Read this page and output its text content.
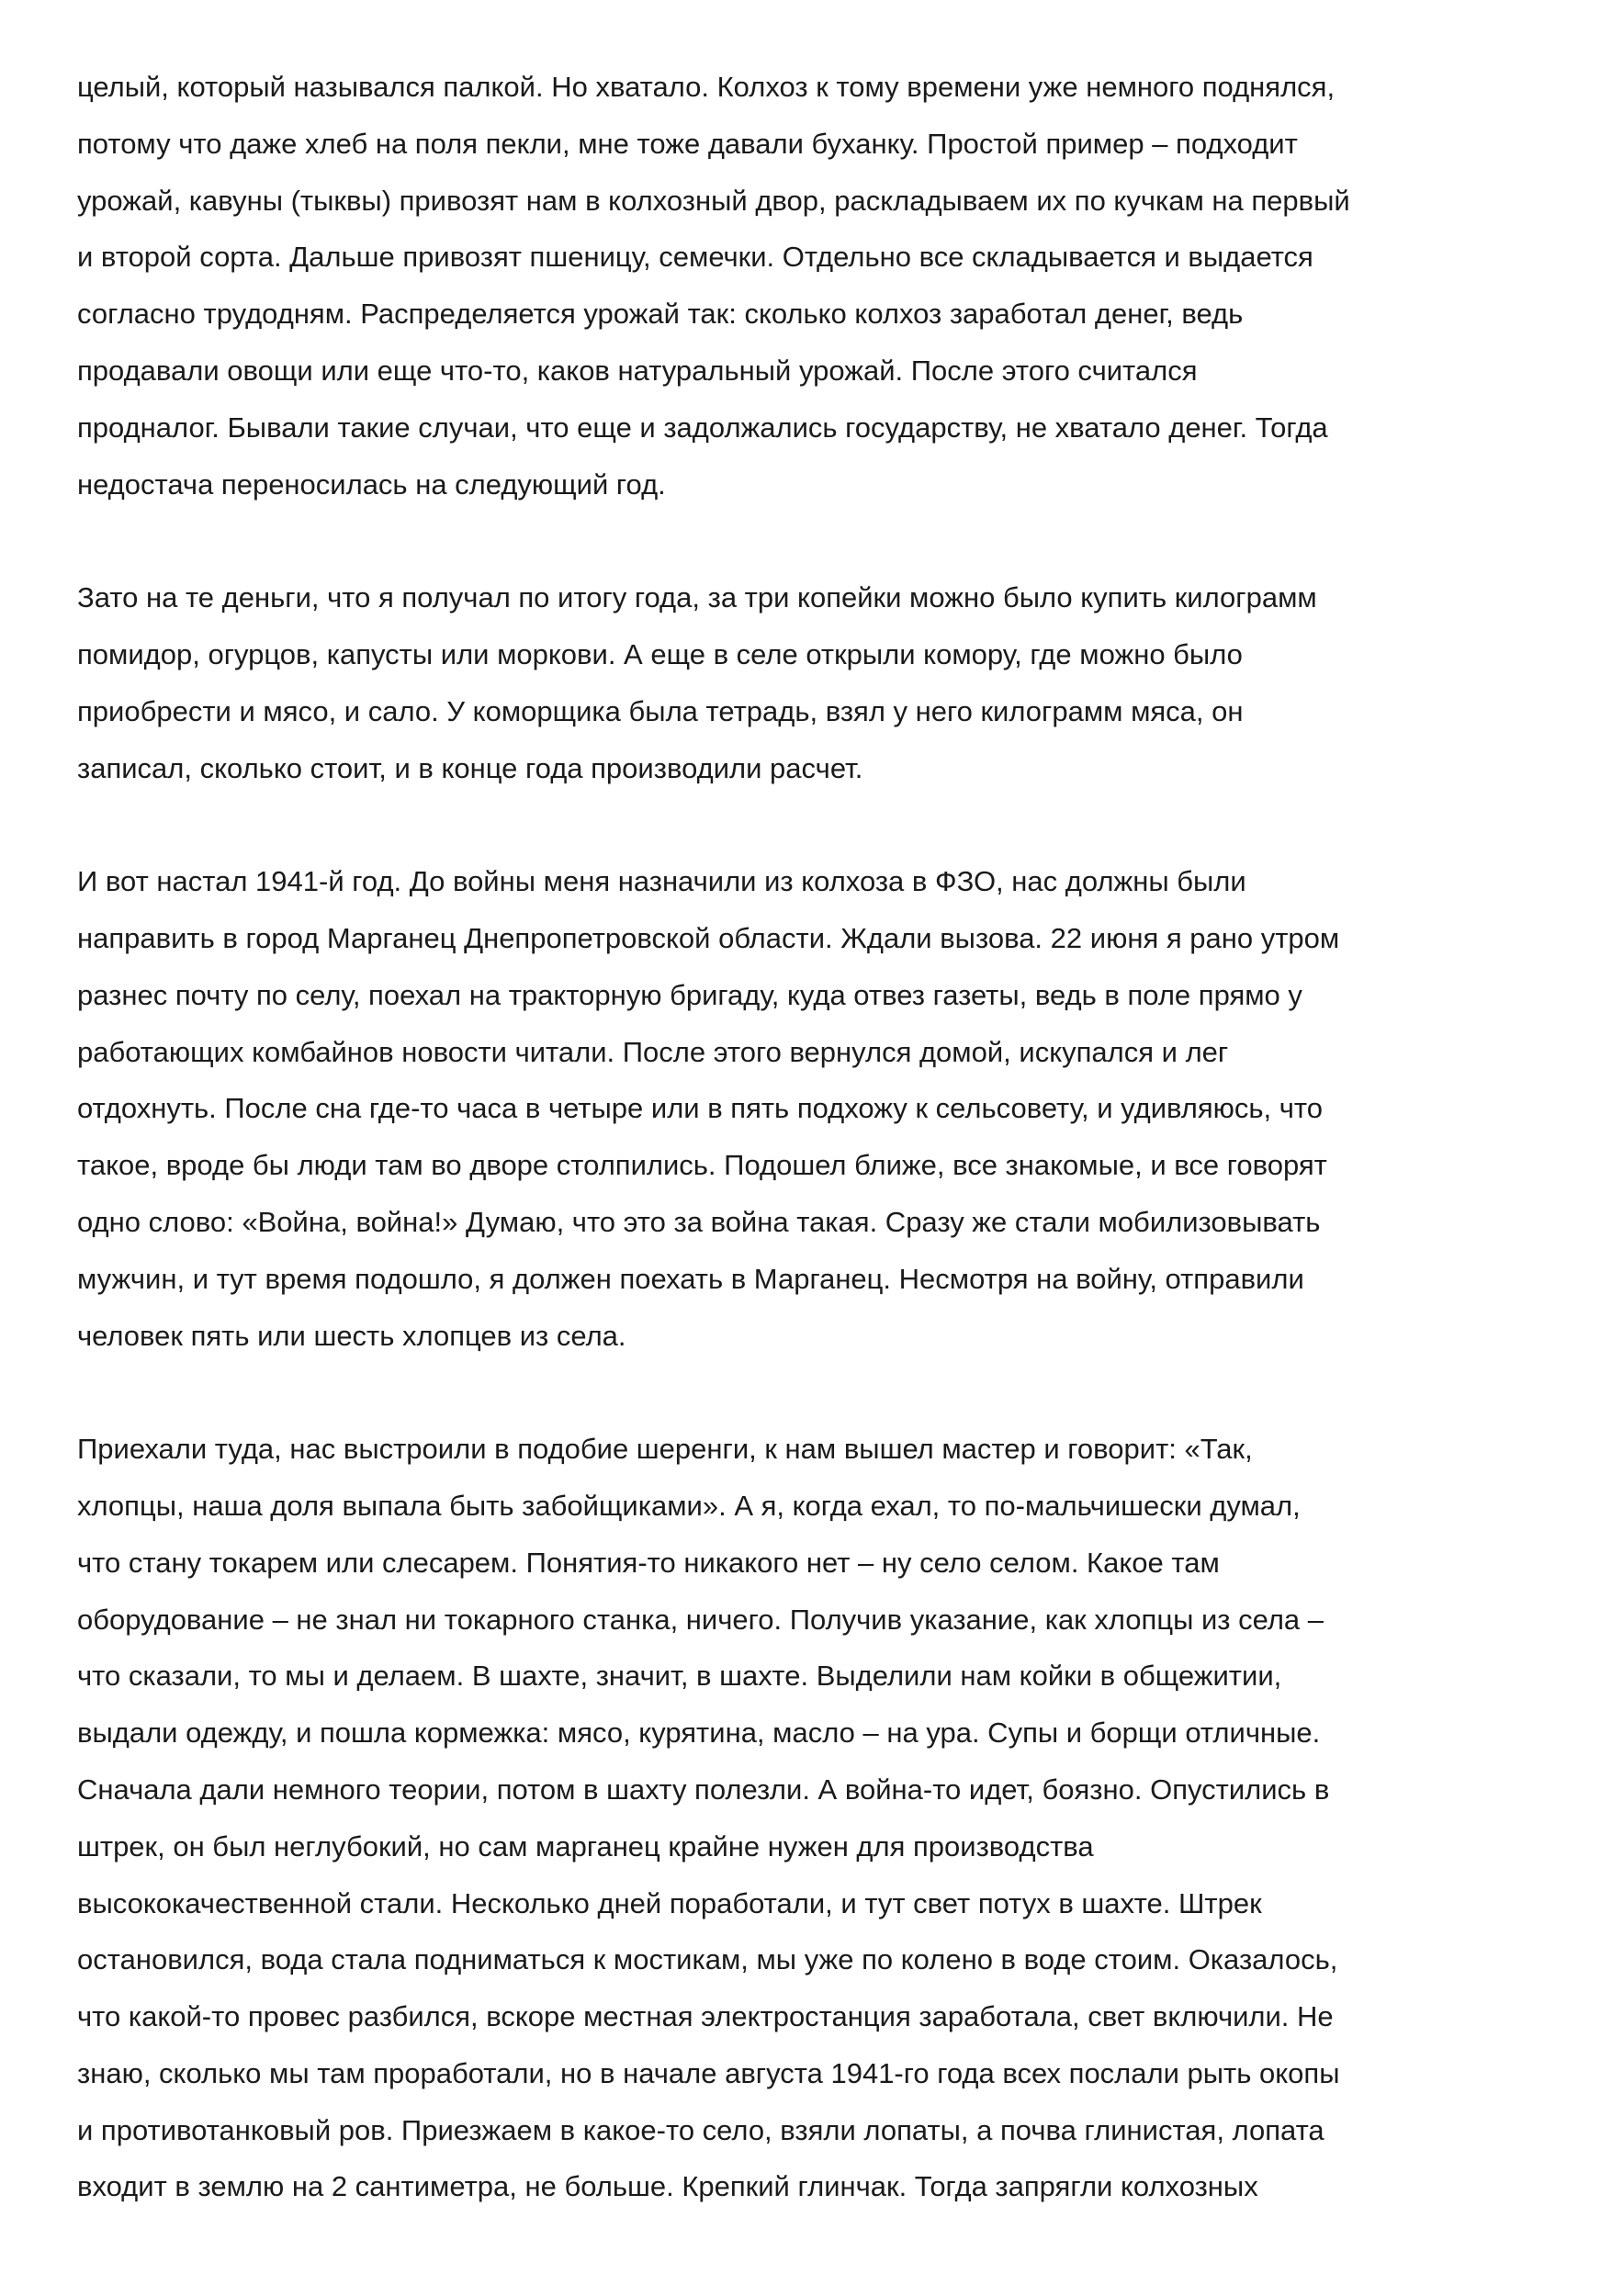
целый, который назывался палкой. Но хватало. Колхоз к тому времени уже немного поднялся,
потому что даже хлеб на поля пекли, мне тоже давали буханку. Простой пример – подходит
урожай, кавуны (тыквы) привозят нам в колхозный двор, раскладываем их по кучкам на первый
и второй сорта. Дальше привозят пшеницу, семечки. Отдельно все складывается и выдается
согласно трудодням. Распределяется урожай так: сколько колхоз заработал денег, ведь
продавали овощи или еще что-то, каков натуральный урожай. После этого считался
продналог. Бывали такие случаи, что еще и задолжались государству, не хватало денег. Тогда
недостача переносилась на следующий год.
Зато на те деньги, что я получал по итогу года, за три копейки можно было купить килограмм
помидор, огурцов, капусты или моркови. А еще в селе открыли комору, где можно было
приобрести и мясо, и сало. У коморщика была тетрадь, взял у него килограмм мяса, он
записал, сколько стоит, и в конце года производили расчет.
И вот настал 1941-й год. До войны меня назначили из колхоза в ФЗО, нас должны были
направить в город Марганец Днепропетровской области. Ждали вызова. 22 июня я рано утром
разнес почту по селу, поехал на тракторную бригаду, куда отвез газеты, ведь в поле прямо у
работающих комбайнов новости читали. После этого вернулся домой, искупался и лег
отдохнуть. После сна где-то часа в четыре или в пять подхожу к сельсовету, и удивляюсь, что
такое, вроде бы люди там во дворе столпились. Подошел ближе, все знакомые, и все говорят
одно слово: «Война, война!» Думаю, что это за война такая. Сразу же стали мобилизовывать
мужчин, и тут время подошло, я должен поехать в Марганец. Несмотря на войну, отправили
человек пять или шесть хлопцев из села.
Приехали туда, нас выстроили в подобие шеренги, к нам вышел мастер и говорит: «Так,
хлопцы, наша доля выпала быть забойщиками». А я, когда ехал, то по-мальчишески думал,
что стану токарем или слесарем. Понятия-то никакого нет – ну село селом. Какое там
оборудование – не знал ни токарного станка, ничего. Получив указание, как хлопцы из села –
что сказали, то мы и делаем. В шахте, значит, в шахте. Выделили нам койки в общежитии,
выдали одежду, и пошла кормежка: мясо, курятина, масло – на ура. Супы и борщи отличные.
Сначала дали немного теории, потом в шахту полезли. А война-то идет, боязно. Опустились в
штрек, он был неглубокий, но сам марганец крайне нужен для производства
высококачественной стали. Несколько дней поработали, и тут свет потух в шахте. Штрек
остановился, вода стала подниматься к мостикам, мы уже по колено в воде стоим. Оказалось,
что какой-то провес разбился, вскоре местная электростанция заработала, свет включили. Не
знаю, сколько мы там проработали, но в начале августа 1941-го года всех послали рыть окопы
и противотанковый ров. Приезжаем в какое-то село, взяли лопаты, а почва глинистая, лопата
входит в землю на 2 сантиметра, не больше. Крепкий глинчак. Тогда запрягли колхозных
